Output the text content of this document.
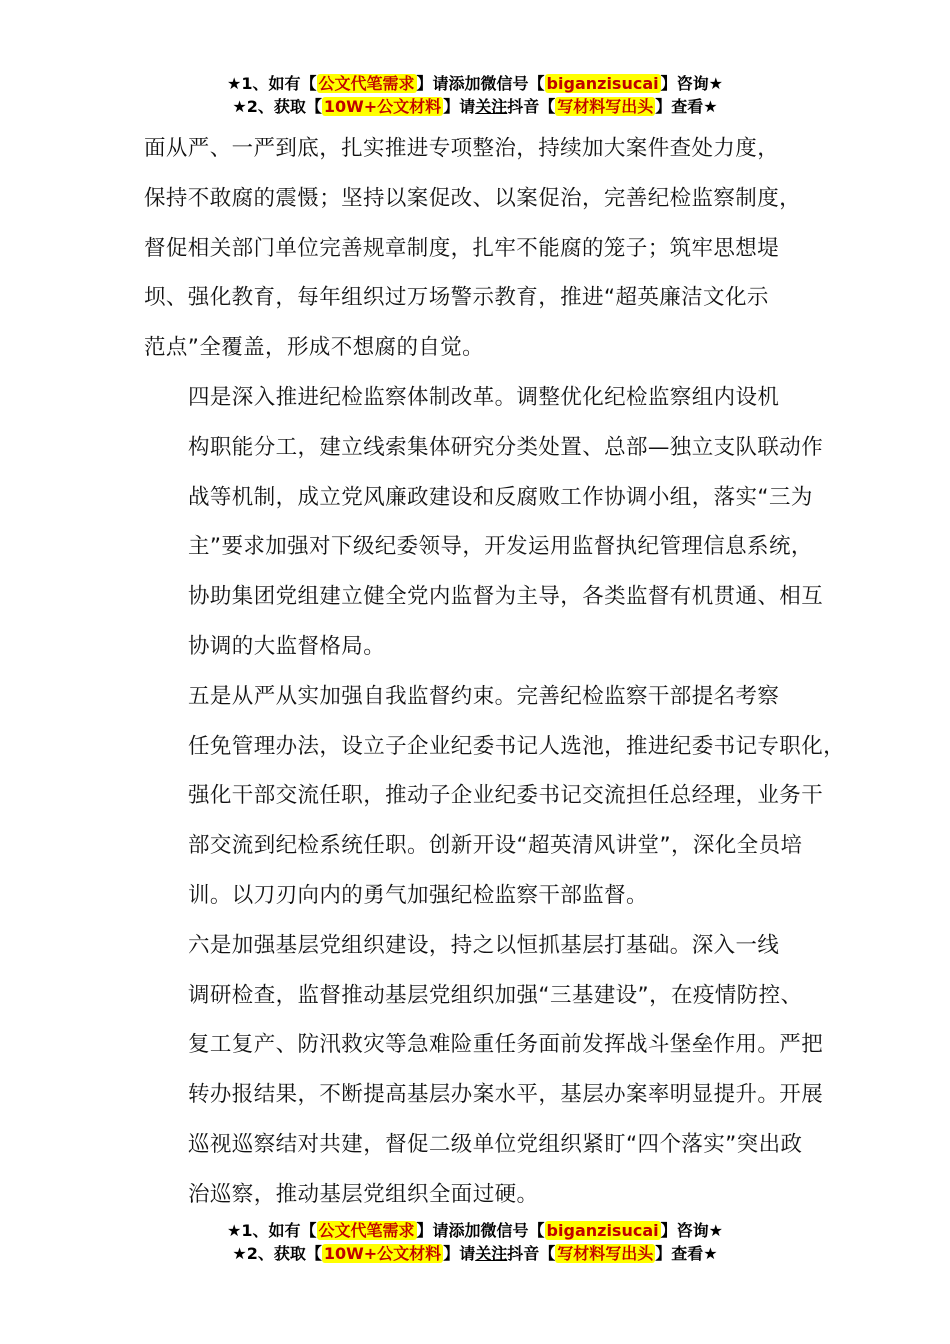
★1、如有【 公文代笔需求 】请添加微信号【 biganzisucai 】咨询★
★2、获取【 10W+公文材料 】请关注抖音【 写材料写出头 】查看★

面从严、一严到底，扎实推进专项整治，持续加大案件查处力度，
保持不敢腐的震慑；坚持以案促改、以案促治，完善纪检监察制度，
督促相关部门单位完善规章制度，扎牢不能腐的笼子；筑牢思想堤
坝、强化教育，每年组织过万场警示教育，推进“超英廉洁文化示
范点”全覆盖，形成不想腐的自觉。

四是深入推进纪检监察体制改革。调整优化纪检监察组内设机
构职能分工，建立线索集体研究分类处置、总部—独立支队联动作
战等机制，成立党风廉政建设和反腐败工作协调小组，落实“三为
主”要求加强对下级纪委领导，开发运用监督执纪管理信息系统，
协助集团党组建立健全党内监督为主导，各类监督有机贯通、相互
协调的大监督格局。

五是从严从实加强自我监督约束。完善纪检监察干部提名考察
任免管理办法，设立子企业纪委书记人选池，推进纪委书记专职化，
强化干部交流任职，推动子企业纪委书记交流担任总经理，业务干
部交流到纪检系统任职。创新开设“超英清风讲堂”，深化全员培
训。以刀刃向内的勇气加强纪检监察干部监督。

六是加强基层党组织建设，持之以恒抓基层打基础。深入一线
调研检查，监督推动基层党组织加强“三基建设”，在疫情防控、
复工复产、防汛救灾等急难险重任务面前发挥战斗堡垒作用。严把
转办报结果，不断提高基层办案水平，基层办案率明显提升。开展
巡视巡察结对共建，督促二级单位党组织紧盯“四个落实”突出政
治巡察，推动基层党组织全面过硬。

★1、如有【 公文代笔需求 】请添加微信号【 biganzisucai 】咨询★
★2、获取【 10W+公文材料 】请关注抖音【 写材料写出头 】查看★
